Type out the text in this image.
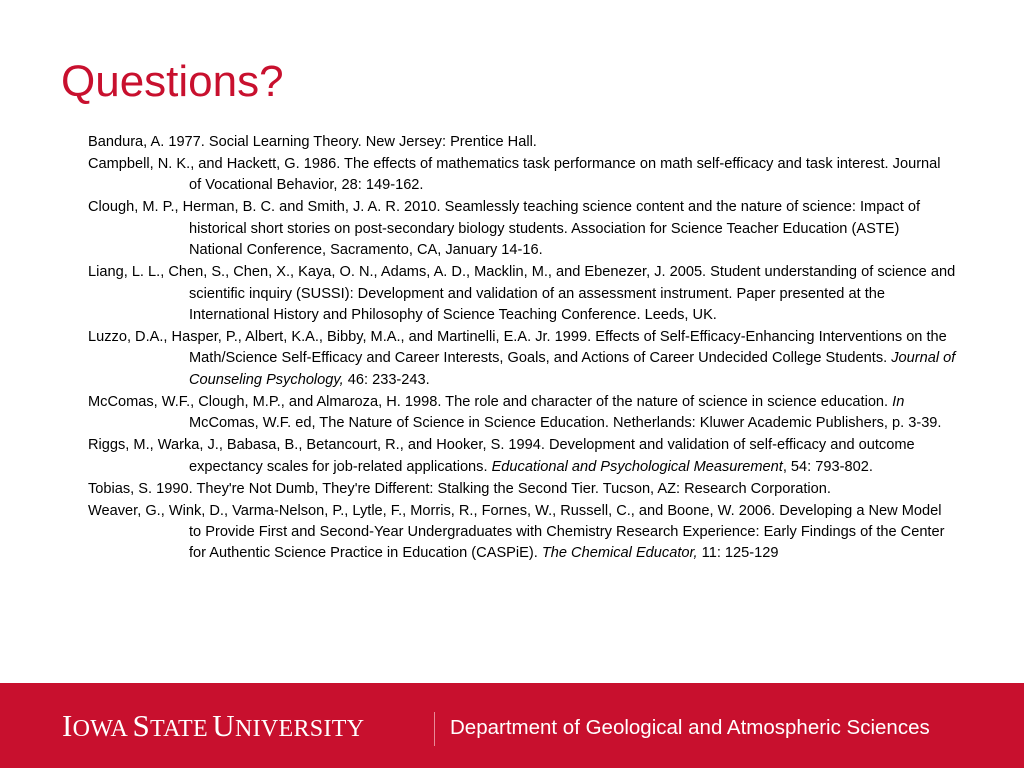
Questions?
Bandura, A. 1977. Social Learning Theory. New Jersey: Prentice Hall.
Campbell, N. K., and Hackett, G. 1986. The effects of mathematics task performance on math self-efficacy and task interest. Journal of Vocational Behavior, 28: 149-162.
Clough, M. P., Herman, B. C. and Smith, J. A. R. 2010. Seamlessly teaching science content and the nature of science: Impact of historical short stories on post-secondary biology students. Association for Science Teacher Education (ASTE) National Conference, Sacramento, CA, January 14-16.
Liang, L. L., Chen, S., Chen, X., Kaya, O. N., Adams, A. D., Macklin, M., and Ebenezer, J. 2005. Student understanding of science and scientific inquiry (SUSSI): Development and validation of an assessment instrument. Paper presented at the International History and Philosophy of Science Teaching Conference. Leeds, UK.
Luzzo, D.A., Hasper, P., Albert, K.A., Bibby, M.A., and Martinelli, E.A. Jr. 1999. Effects of Self-Efficacy-Enhancing Interventions on the Math/Science Self-Efficacy and Career Interests, Goals, and Actions of Career Undecided College Students. Journal of Counseling Psychology, 46: 233-243.
McComas, W.F., Clough, M.P., and Almaroza, H. 1998. The role and character of the nature of science in science education. In McComas, W.F. ed, The Nature of Science in Science Education. Netherlands: Kluwer Academic Publishers, p. 3-39.
Riggs, M., Warka, J., Babasa, B., Betancourt, R., and Hooker, S. 1994. Development and validation of self-efficacy and outcome expectancy scales for job-related applications. Educational and Psychological Measurement, 54: 793-802.
Tobias, S. 1990. They're Not Dumb, They're Different: Stalking the Second Tier. Tucson, AZ: Research Corporation.
Weaver, G., Wink, D., Varma-Nelson, P., Lytle, F., Morris, R., Fornes, W., Russell, C., and Boone, W. 2006. Developing a New Model to Provide First and Second-Year Undergraduates with Chemistry Research Experience: Early Findings of the Center for Authentic Science Practice in Education (CASPiE). The Chemical Educator, 11: 125-129
IOWA STATE UNIVERSITY	Department of Geological and Atmospheric Sciences
